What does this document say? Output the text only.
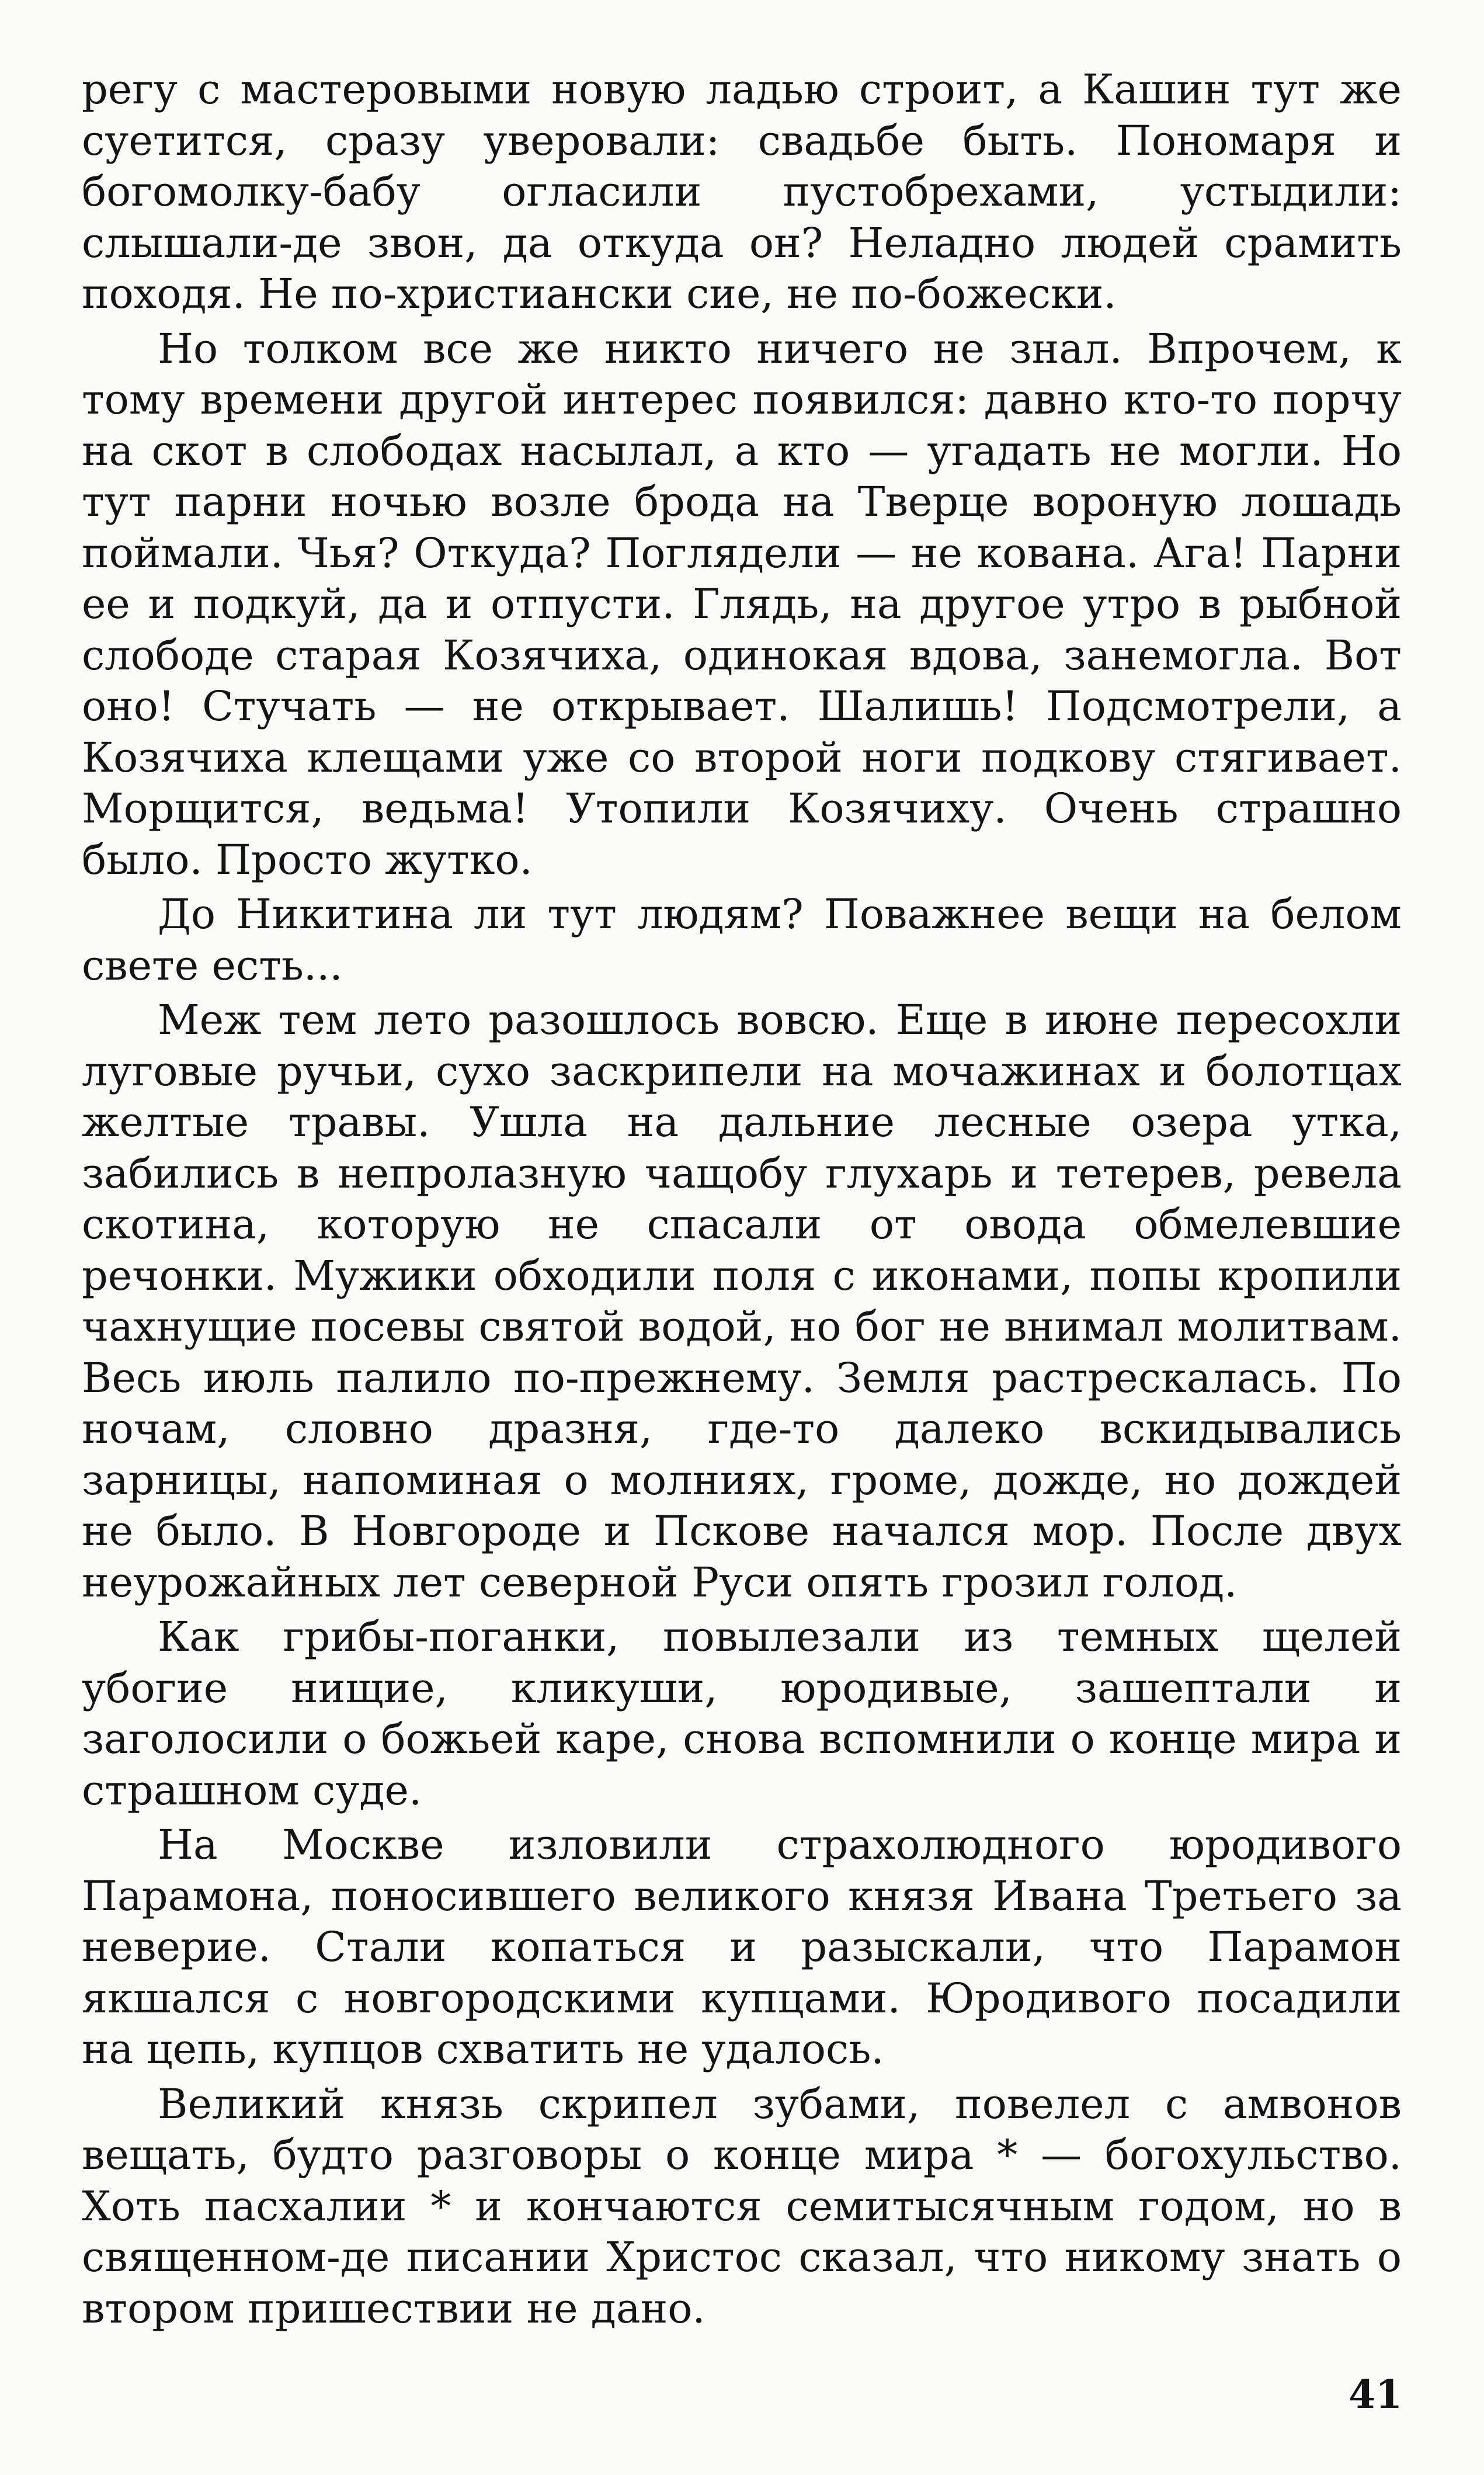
регу с мастеровыми новую ладью строит, а Кашин тут же суетится, сразу уверовали: свадьбе быть. Пономаря и богомолку-бабу огласили пустобрехами, устыдили: слышали-де звон, да откуда он? Неладно людей срамить походя. Не по-христиански сие, не по-божески.

Но толком все же никто ничего не знал. Впрочем, к тому времени другой интерес появился: давно кто-то порчу на скот в слободах насылал, а кто — угадать не могли. Но тут парни ночью возле брода на Тверце вороную лошадь поймали. Чья? Откуда? Поглядели — не кована. Ага! Парни ее и подкуй, да и отпусти. Глядь, на другое утро в рыбной слободе старая Козячиха, одинокая вдова, занемогла. Вот оно! Стучать — не открывает. Шалишь! Подсмотрели, а Козячиха клещами уже со второй ноги подкову стягивает. Морщится, ведьма! Утопили Козячиху. Очень страшно было. Просто жутко.

До Никитина ли тут людям? Поважнее вещи на белом свете есть...

Меж тем лето разошлось вовсю. Еще в июне пересохли луговые ручьи, сухо заскрипели на мочажинах и болотцах желтые травы. Ушла на дальние лесные озера утка, забились в непролазную чащобу глухарь и тетерев, ревела скотина, которую не спасали от овода обмелевшие речонки. Мужики обходили поля с иконами, попы кропили чахнущие посевы святой водой, но бог не внимал молитвам. Весь июль палило по-прежнему. Земля растрескалась. По ночам, словно дразня, где-то далеко вскидывались зарницы, напоминая о молниях, громе, дожде, но дождей не было. В Новгороде и Пскове начался мор. После двух неурожайных лет северной Руси опять грозил голод.

Как грибы-поганки, повылезали из темных щелей убогие нищие, кликуши, юродивые, зашептали и заголосили о божьей каре, снова вспомнили о конце мира и страшном суде.

На Москве изловили страхолюдного юродивого Парамона, поносившего великого князя Ивана Третьего за неверие. Стали копаться и разыскали, что Парамон якшался с новгородскими купцами. Юродивого посадили на цепь, купцов схватить не удалось.

Великий князь скрипел зубами, повелел с амвонов вещать, будто разговоры о конце мира * — богохульство. Хоть пасхалии * и кончаются семитысячным годом, но в священном-де писании Христос сказал, что никому знать о втором пришествии не дано.

41
